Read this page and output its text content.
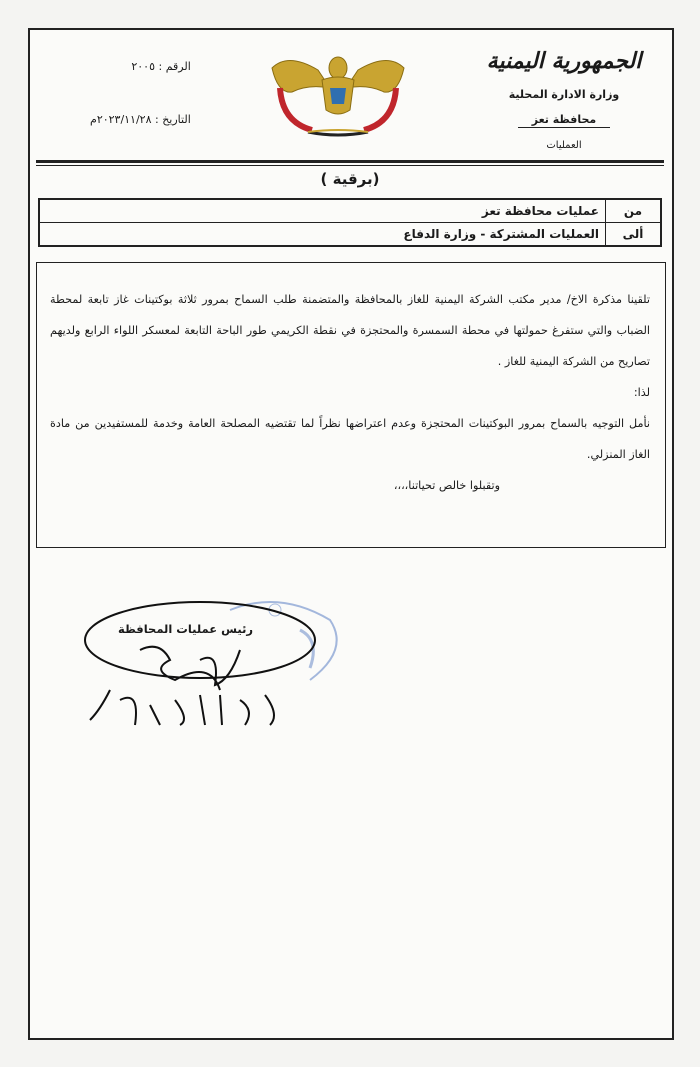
الجمهورية اليمنية
وزارة الادارة المحلية
محافظة تعز
العمليات
الرقم : ٢٠٠٥
التاريخ : ٢٠٢٣/١١/٢٨م
(برقية )
من	عمليات محافظة تعز
ألى	العمليات المشتركة - وزارة الدفاع

تلقينا مذكرة الاخ/ مدير مكتب الشركة اليمنية للغاز بالمحافظة والمتضمنة طلب السماح بمرور ثلاثة بوكتينات غاز تابعة لمحطة الضباب والتي ستفرغ حمولتها في محطة السمسرة والمحتجزة في نقطة الكريمي طور الباحة التابعة لمعسكر اللواء الرابع ولديهم تصاريح من الشركة اليمنية للغاز .

لذا:

نأمل التوجيه بالسماح بمرور البوكتينات المحتجزة وعدم اعتراضها نظراً لما تقتضيه المصلحة العامة وخدمة للمستفيدين من مادة الغاز المنزلي.

وتقبلوا خالص تحياتنا،،،،

رئيس عمليات المحافظة
